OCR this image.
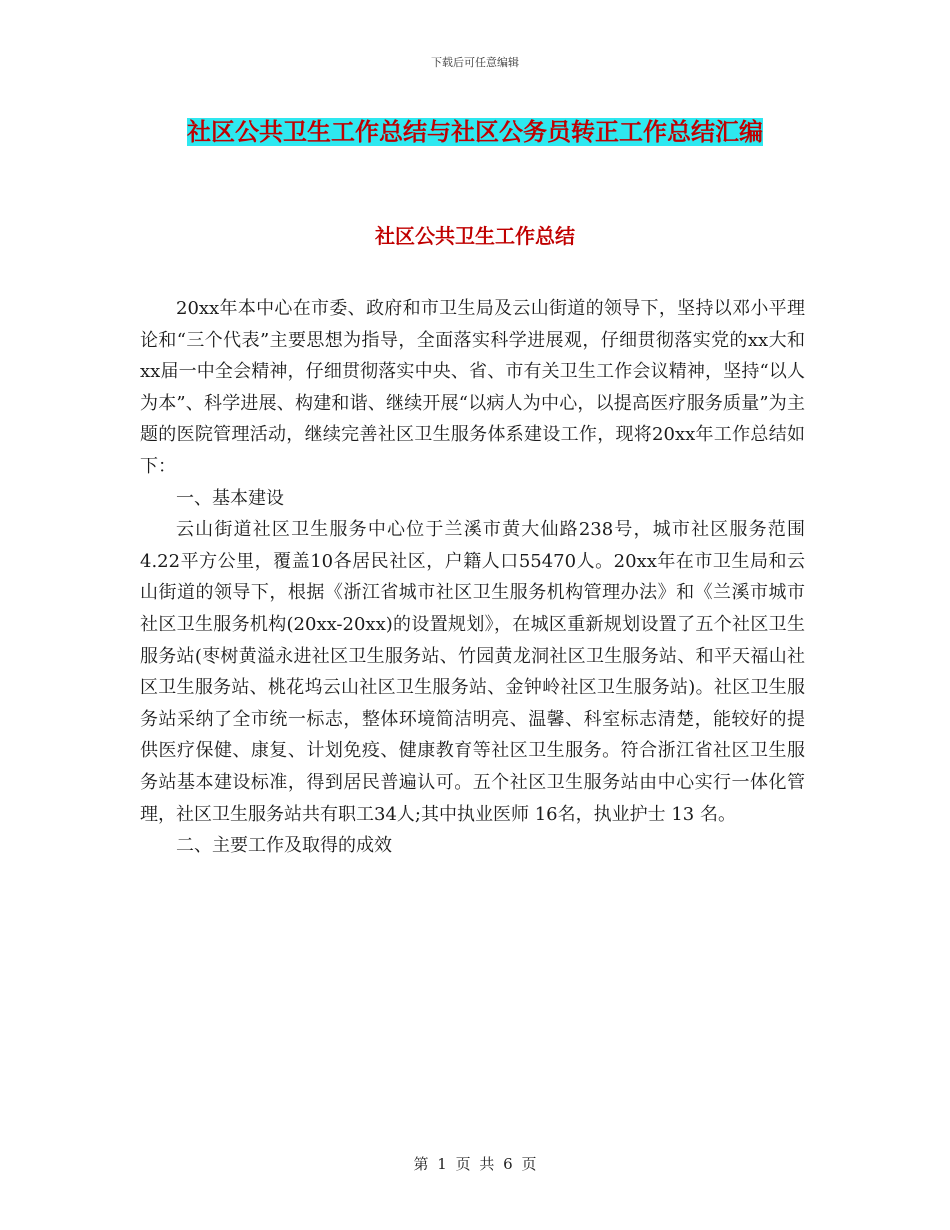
下载后可任意编辑
社区公共卫生工作总结与社区公务员转正工作总结汇编
社区公共卫生工作总结

20xx年本中心在市委、政府和市卫生局及云山街道的领导下，坚持以邓小平理论和“三个代表”主要思想为指导，全面落实科学进展观，仔细贯彻落实党的xx大和xx届一中全会精神，仔细贯彻落实中央、省、市有关卫生工作会议精神，坚持“以人为本”、科学进展、构建和谐、继续开展“以病人为中心，以提高医疗服务质量”为主题的医院管理活动，继续完善社区卫生服务体系建设工作，现将20xx年工作总结如下：

一、基本建设

云山街道社区卫生服务中心位于兰溪市黄大仙路238号，城市社区服务范围4.22平方公里，覆盖10各居民社区，户籍人口55470人。20xx年在市卫生局和云山街道的领导下，根据《浙江省城市社区卫生服务机构管理办法》和《兰溪市城市社区卫生服务机构(20xx-20xx)的设置规划》，在城区重新规划设置了五个社区卫生服务站(枣树黄溢永进社区卫生服务站、竹园黄龙洞社区卫生服务站、和平天福山社区卫生服务站、桃花坞云山社区卫生服务站、金钟岭社区卫生服务站)。社区卫生服务站采纳了全市统一标志，整体环境简洁明亮、温馨、科室标志清楚，能较好的提供医疗保健、康复、计划免疫、健康教育等社区卫生服务。符合浙江省社区卫生服务站基本建设标准，得到居民普遍认可。五个社区卫生服务站由中心实行一体化管理，社区卫生服务站共有职工34人;其中执业医师 16名，执业护士 13 名。

二、主要工作及取得的成效

第 1 页 共 6 页
